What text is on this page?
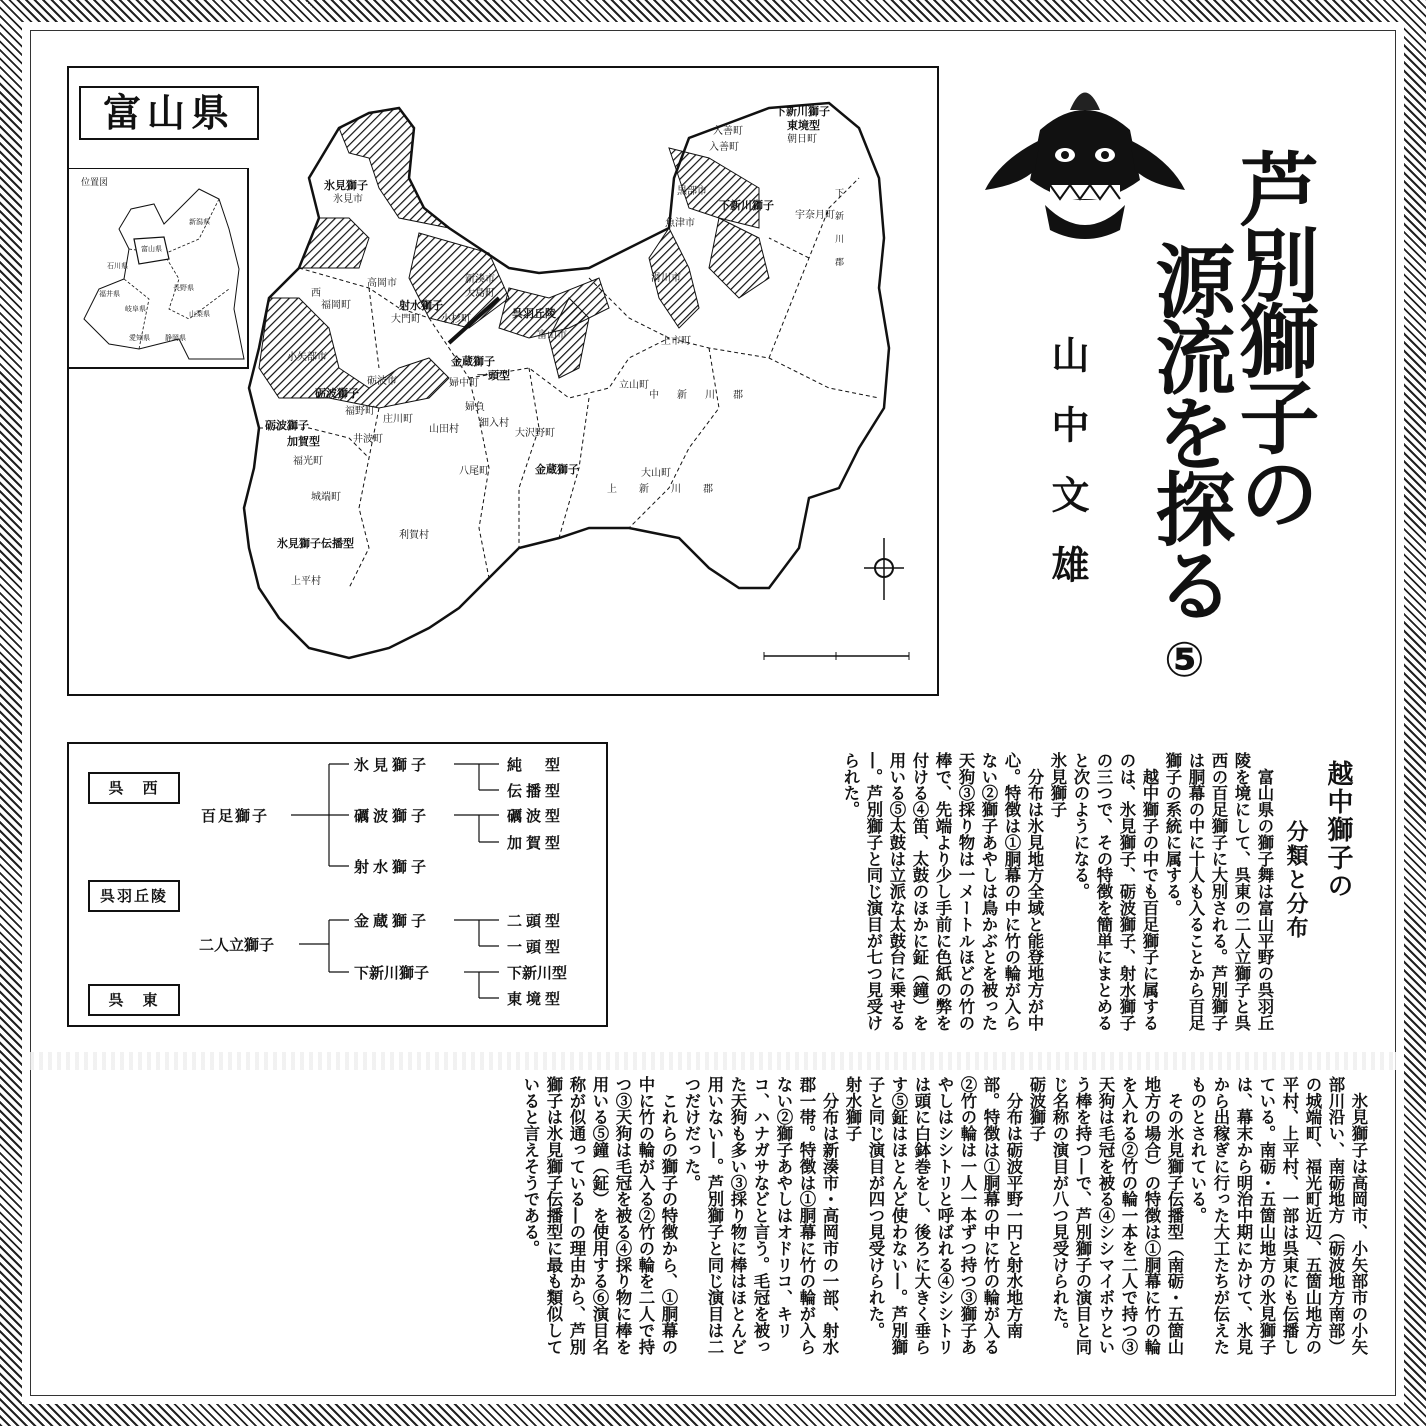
富山県
位置図
新潟県
富山県
石川県
長野県
福井県
岐阜県
山梨県
愛知県 静岡県
氷見獅子
射水獅子
呉羽丘陵
金蔵獅子
一頭型
砺波獅子
砺波獅子
加賀型
氷見獅子伝播型
金蔵獅子
下新川獅子
下新川獅子
東境型
氷見市
高岡市	新湊市
大門町 小杉町
大島町
富山市
小矢部市
砺波市
福岡町
西
滑川市
上市町
立山町
魚津市
黒部市
入善町
朝日町
宇奈月町
井波町
城端町
上平村
利賀村
細入村
大沢野町
大山町
八尾町
山田村
福光町
福野町
庄川町
婦中町
婦負
入善町
中新川郡
上新川郡
下新川郡	芦別獅子の
源流を探る
⑤
山中文雄
呉　西
呉羽丘陵
呉　東
百足獅子
二人立獅子
氷見獅子
礪波獅子
射水獅子
金蔵獅子
下新川獅子
純　型
伝播型
礪波型
加賀型
二頭型
一頭型
下新川型
東境型
越中獅子の
分類と分布
　富山県の獅子舞は富山平野の呉羽丘陵を境にして、呉東の二人立獅子と呉西の百足獅子に大別される。芦別獅子は胴幕の中に十人も入ることから百足獅子の系統に属する。
　越中獅子の中でも百足獅子に属するのは、氷見獅子、砺波獅子、射水獅子の三つで、その特徴を簡単にまとめると次のようになる。
氷見獅子
　分布は氷見地方全域と能登地方が中心。特徴は①胴幕の中に竹の輪が入らない②獅子あやしは鳥かぶとを被った天狗③採り物は一メートルほどの竹の棒で、先端より少し手前に色紙の弊を付ける④笛、太鼓のほかに鉦（鐘）を用いる⑤太鼓は立派な太鼓台に乗せる―。芦別獅子と同じ演目が七つ見受けられた。
　氷見獅子は高岡市、小矢部市の小矢部川沿い、南砺地方（砺波地方南部）の城端町、福光町近辺、五箇山地方の平村、上平村、一部は呉東にも伝播している。南砺・五箇山地方の氷見獅子は、幕末から明治中期にかけて、氷見から出稼ぎに行った大工たちが伝えたものとされている。
　その氷見獅子伝播型（南砺・五箇山地方の場合）の特徴は①胴幕に竹の輪を入れる②竹の輪一本を二人で持つ③天狗は毛冠を被る④シシマイボウという棒を持つ―で、芦別獅子の演目と同じ名称の演目が八つ見受けられた。
砺波獅子
　分布は砺波平野一円と射水地方南部。特徴は①胴幕の中に竹の輪が入る②竹の輪は一人一本ずつ持つ③獅子あやしはシシトリと呼ばれる④シシトリは頭に白鉢巻をし、後ろに大きく垂らす⑤鉦はほとんど使わない―。芦別獅子と同じ演目が四つ見受けられた。
射水獅子
　分布は新湊市・高岡市の一部、射水郡一帯。特徴は①胴幕に竹の輪が入らない②獅子あやしはオドリコ、キリコ、ハナガサなどと言う。毛冠を被った天狗も多い③採り物に棒はほとんど用いない―。芦別獅子と同じ演目は二つだけだった。
　これらの獅子の特徴から、①胴幕の中に竹の輪が入る②竹の輪を二人で持つ③天狗は毛冠を被る④採り物に棒を用いる⑤鐘（鉦）を使用する⑥演目名称が似通っている―の理由から、芦別獅子は氷見獅子伝播型に最も類似していると言えそうである。
